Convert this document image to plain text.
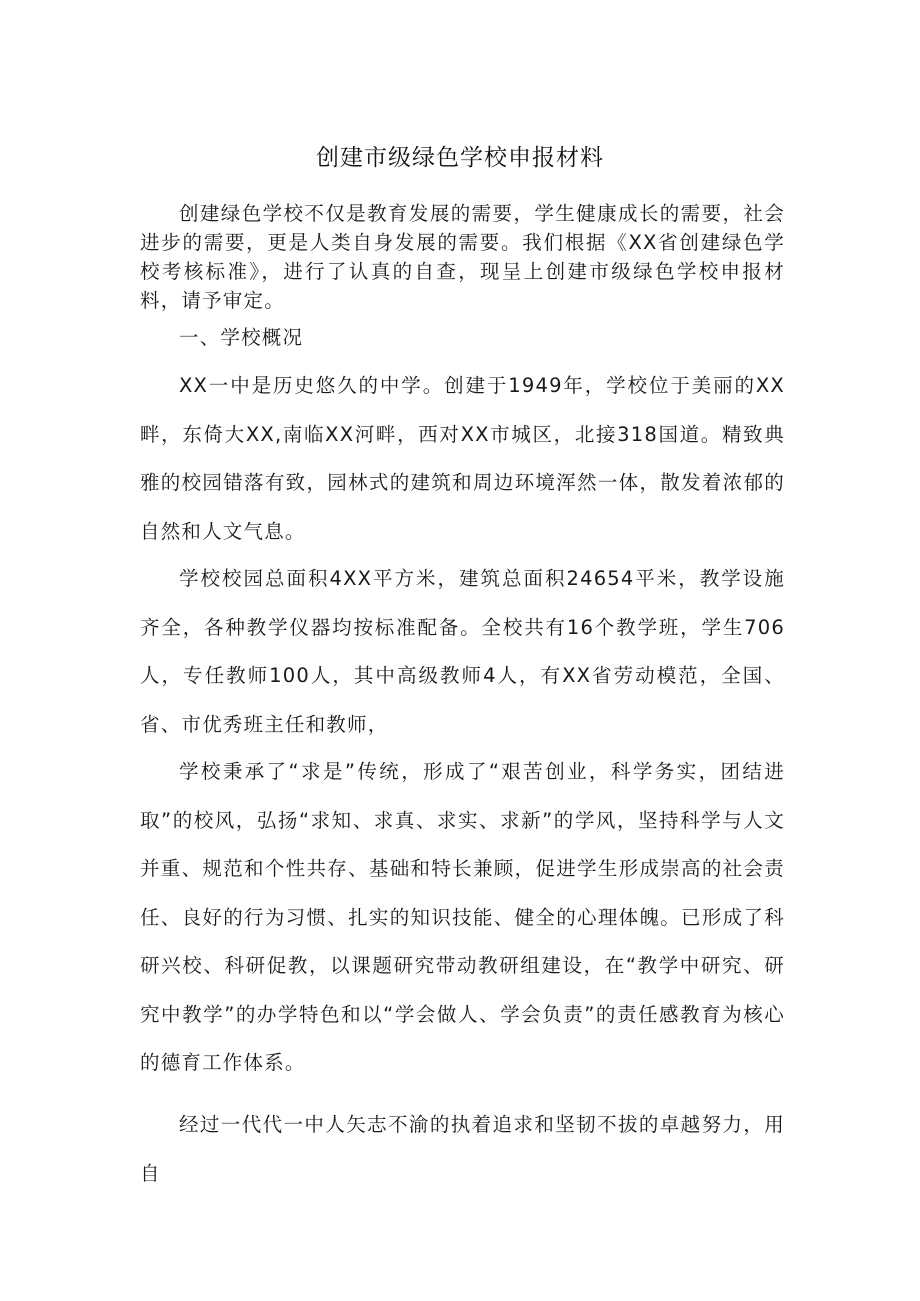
创建市级绿色学校申报材料

创建绿色学校不仅是教育发展的需要，学生健康成长的需要，社会进步的需要，更是人类自身发展的需要。我们根据《XX省创建绿色学校考核标准》，进行了认真的自查，现呈上创建市级绿色学校申报材料，请予审定。

一、学校概况

XX一中是历史悠久的中学。创建于1949年，学校位于美丽的XX畔，东倚大XX,南临XX河畔，西对XX市城区，北接318国道。精致典雅的校园错落有致，园林式的建筑和周边环境浑然一体，散发着浓郁的自然和人文气息。

学校校园总面积4XX平方米，建筑总面积24654平米，教学设施齐全，各种教学仪器均按标准配备。全校共有16个教学班，学生706人，专任教师100人，其中高级教师4人，有XX省劳动模范，全国、省、市优秀班主任和教师，

学校秉承了“求是”传统，形成了“艰苦创业，科学务实，团结进取”的校风，弘扬“求知、求真、求实、求新”的学风，坚持科学与人文并重、规范和个性共存、基础和特长兼顾，促进学生形成崇高的社会责任、良好的行为习惯、扎实的知识技能、健全的心理体魄。已形成了科研兴校、科研促教，以课题研究带动教研组建设，在“教学中研究、研究中教学”的办学特色和以“学会做人、学会负责”的责任感教育为核心的德育工作体系。

经过一代代一中人矢志不渝的执着追求和坚韧不拔的卓越努力，用自
